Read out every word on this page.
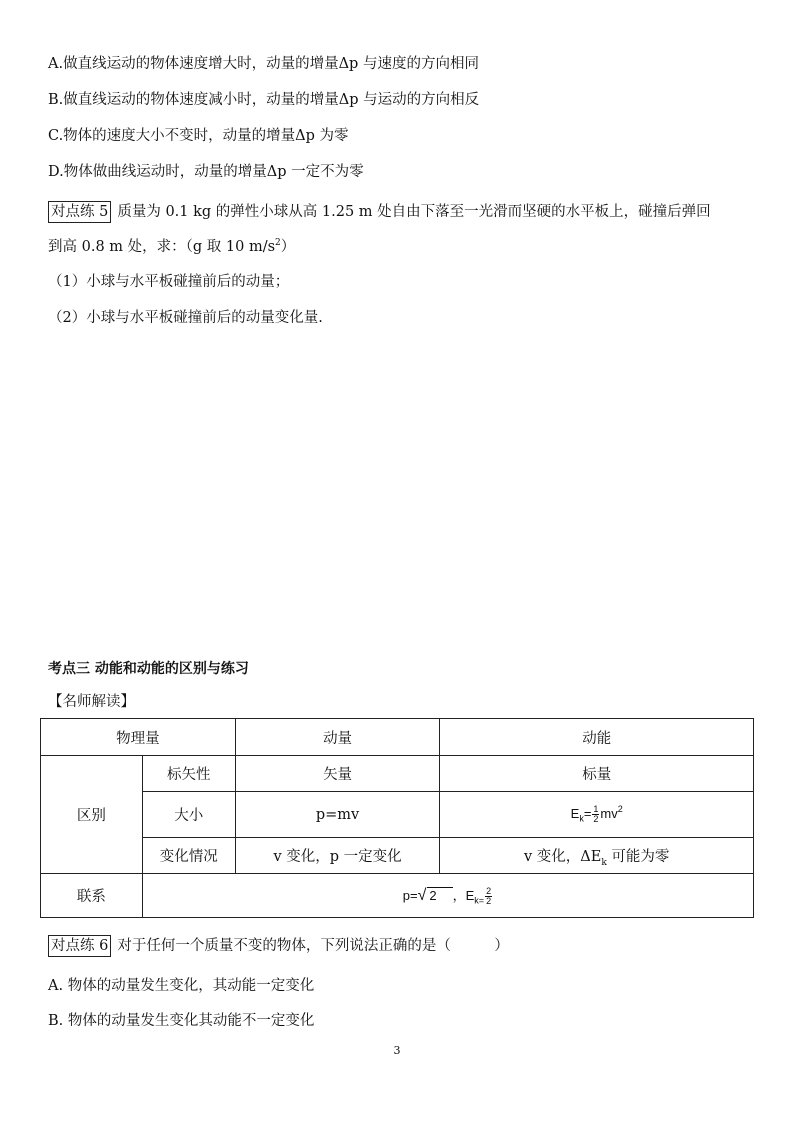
A.做直线运动的物体速度增大时，动量的增量Δp 与速度的方向相同
B.做直线运动的物体速度减小时，动量的增量Δp 与运动的方向相反
C.物体的速度大小不变时，动量的增量Δp 为零
D.物体做曲线运动时，动量的增量Δp 一定不为零
对点练 5 质量为 0.1 kg 的弹性小球从高 1.25 m 处自由下落至一光滑而坚硬的水平板上，碰撞后弹回
到高 0.8 m 处，求：（g 取 10 $m/s^2$）
（1）小球与水平板碰撞前后的动量；
（2）小球与水平板碰撞前后的动量变化量.
考点三 动能和动能的区别与练习
【名师解读】
物理量		动量	动能
区别	标矢性	矢量	标量
	大小	p=mv	$E_k= \frac{1}{2} mv^2$
	变化情况	v 变化，p 一定变化	v 变化，$\Delta E_k$ 可能为零
联系	p=√ 2 ，$E_{k=} \frac{2}{2}$
对点练 6 对于任何一个质量不变的物体，下列说法正确的是（　　　）
A. 物体的动量发生变化，其动能一定变化
B. 物体的动量发生变化其动能不一定变化
3
